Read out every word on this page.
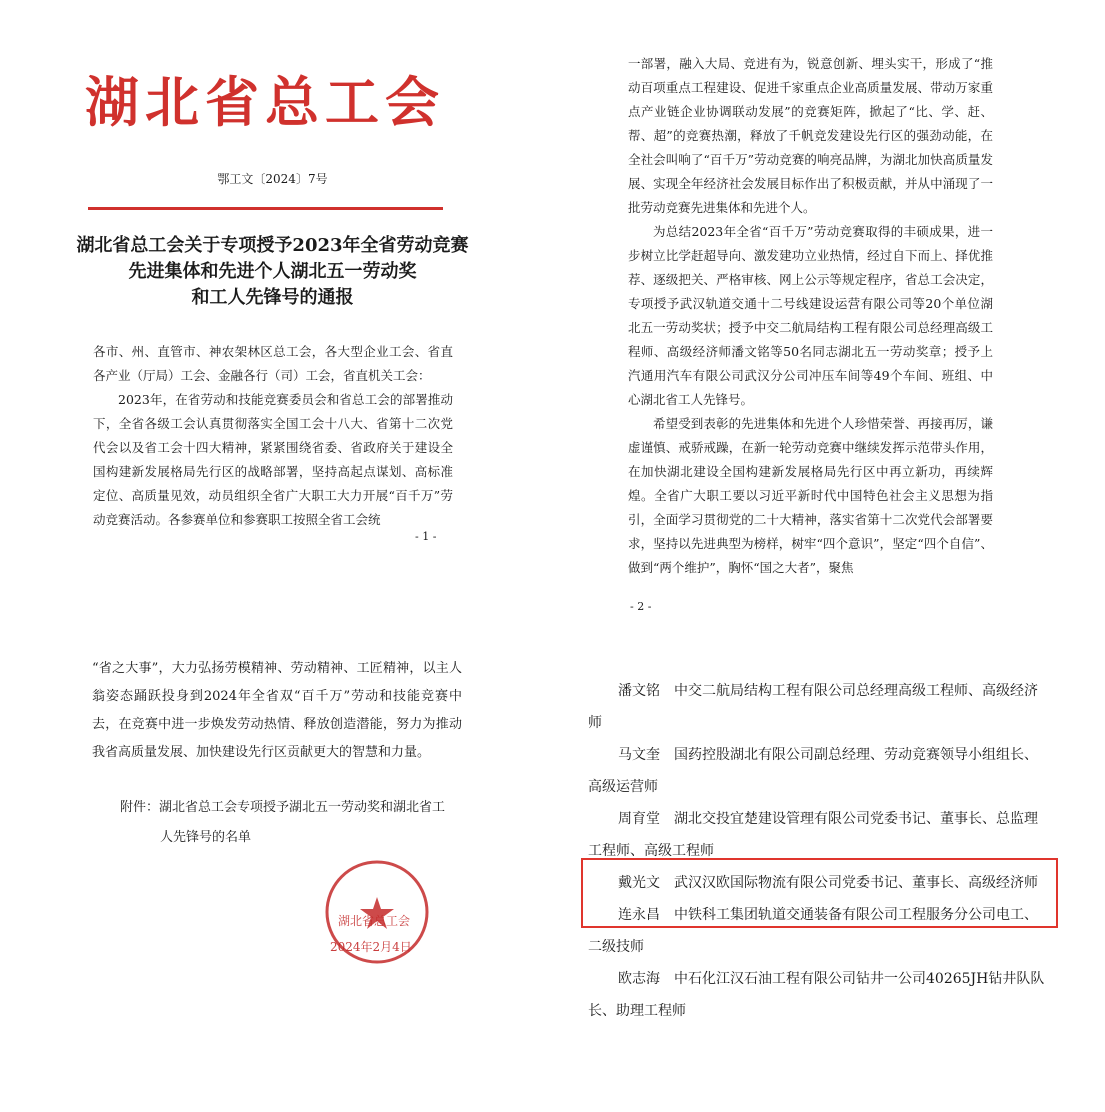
湖北省总工会
鄂工文〔2024〕7号
湖北省总工会关于专项授予2023年全省劳动竞赛
先进集体和先进个人湖北五一劳动奖
和工人先锋号的通报
各市、州、直管市、神农架林区总工会，各大型企业工会、省直各产业（厅局）工会、金融各行（司）工会，省直机关工会：
2023年，在省劳动和技能竞赛委员会和省总工会的部署推动下，全省各级工会认真贯彻落实全国工会十八大、省第十二次党代会以及省工会十四大精神，紧紧围绕省委、省政府关于建设全国构建新发展格局先行区的战略部署，坚持高起点谋划、高标准定位、高质量见效，动员组织全省广大职工大力开展“百千万”劳动竞赛活动。各参赛单位和参赛职工按照全省工会统
- 1 -
一部署，融入大局、竞进有为，锐意创新、埋头实干，形成了“推动百项重点工程建设、促进千家重点企业高质量发展、带动万家重点产业链企业协调联动发展”的竞赛矩阵，掀起了“比、学、赶、帮、超”的竞赛热潮，释放了千帆竞发建设先行区的强劲动能，在全社会叫响了“百千万”劳动竞赛的响亮品牌，为湖北加快高质量发展、实现全年经济社会发展目标作出了积极贡献，并从中涌现了一批劳动竞赛先进集体和先进个人。
为总结2023年全省“百千万”劳动竞赛取得的丰硕成果，进一步树立比学赶超导向、激发建功立业热情，经过自下而上、择优推荐、逐级把关、严格审核、网上公示等规定程序，省总工会决定，专项授予武汉轨道交通十二号线建设运营有限公司等20个单位湖北五一劳动奖状；授予中交二航局结构工程有限公司总经理高级工程师、高级经济师潘文铭等50名同志湖北五一劳动奖章；授予上汽通用汽车有限公司武汉分公司冲压车间等49个车间、班组、中心湖北省工人先锋号。
希望受到表彰的先进集体和先进个人珍惜荣誉、再接再厉，谦虚谨慎、戒骄戒躁，在新一轮劳动竞赛中继续发挥示范带头作用，在加快湖北建设全国构建新发展格局先行区中再立新功，再续辉煌。全省广大职工要以习近平新时代中国特色社会主义思想为指引，全面学习贯彻党的二十大精神，落实省第十二次党代会部署要求，坚持以先进典型为榜样，树牢“四个意识”，坚定“四个自信”、做到“两个维护”，胸怀“国之大者”，聚焦
- 2 -
“省之大事”，大力弘扬劳模精神、劳动精神、工匠精神，以主人翁姿态踊跃投身到2024年全省双“百千万”劳动和技能竞赛中去，在竞赛中进一步焕发劳动热情、释放创造潜能，努力为推动我省高质量发展、加快建设先行区贡献更大的智慧和力量。
附件：湖北省总工会专项授予湖北五一劳动奖和湖北省工
人先锋号的名单
湖北省总工会
2024年2月4日
潘文铭 中交二航局结构工程有限公司总经理高级工程师、高级经济师
马文奎 国药控股湖北有限公司副总经理、劳动竞赛领导小组组长、高级运营师
周育堂 湖北交投宜楚建设管理有限公司党委书记、董事长、总监理工程师、高级工程师
戴光文 武汉汉欧国际物流有限公司党委书记、董事长、高级经济师
连永昌 中铁科工集团轨道交通装备有限公司工程服务分公司电工、二级技师
欧志海 中石化江汉石油工程有限公司钻井一公司40265JH钻井队队长、助理工程师
